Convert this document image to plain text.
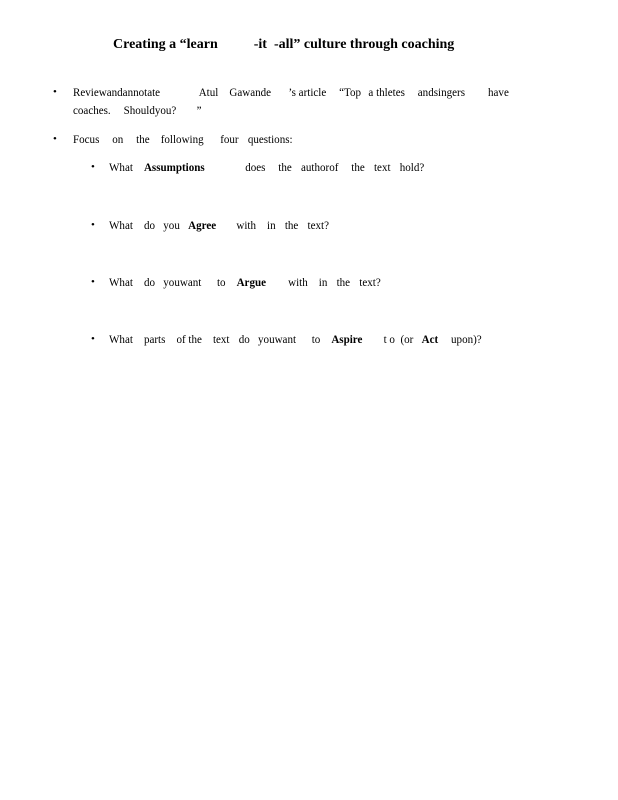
Creating a “learn	-it -all” culture through coaching
• Reviewandannotate	Atul Gawande ’s article “Top a thletes andsingers have
coaches. Shouldyou? ”
• Focus on the following four questions:
• What Assumptions	does the authorof the text hold?
• What do you Agree with in the text?
• What do youwant to Argue with in the text?
• What parts of the text do youwant to Aspire t o (or Act upon)?
